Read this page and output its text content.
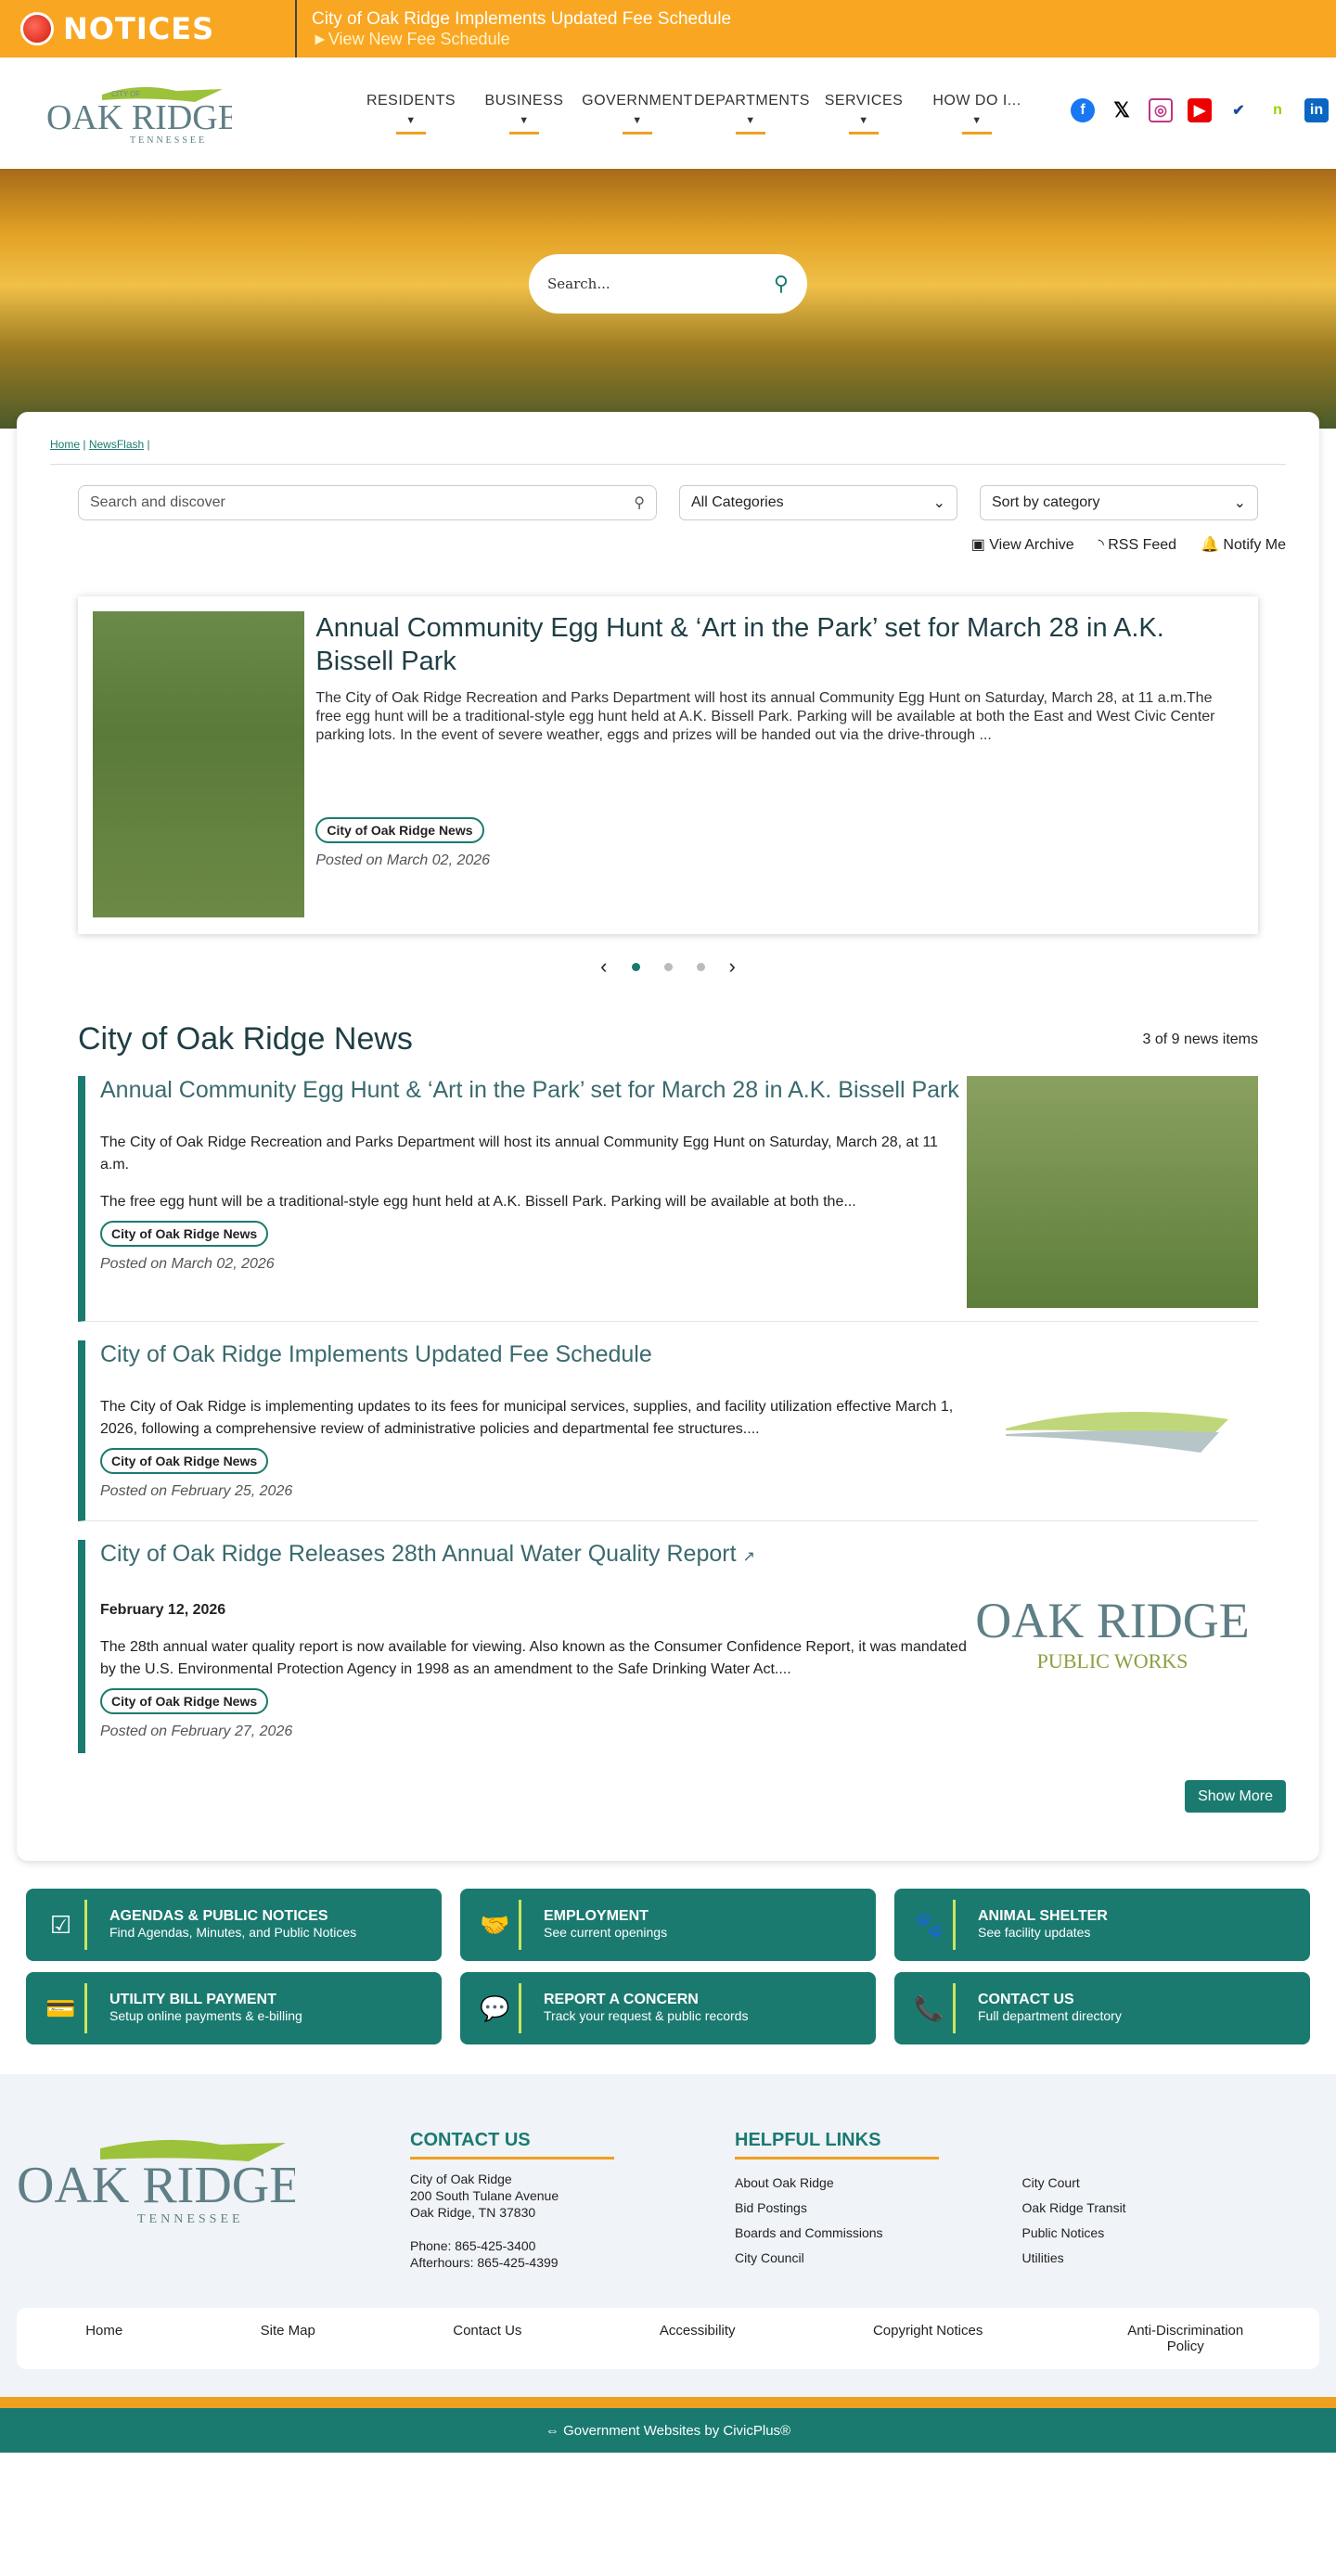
NOTICES	City of Oak Ridge Implements Updated Fee Schedule
►View New Fee Schedule
CITY OF
OAK RIDGE
TENNESSEE
RESIDENTS
▼
BUSINESS
▼
GOVERNMENT
▼
DEPARTMENTS
▼
SERVICES
▼
HOW DO I...
▼
f	𝕏	◎	▶	✔	n	in
Search...	⚲
Home | NewsFlash |
Search and discover	⚲	All Categories	⌄	Sort by category	⌄
▣ View Archive ◝ RSS Feed 🔔 Notify Me
Annual Community Egg Hunt & ‘Art in the Park’ set for March 28 in A.K. Bissell Park

The City of Oak Ridge Recreation and Parks Department will host its annual Community Egg Hunt on Saturday, March 28, at 11 a.m.The free egg hunt will be a traditional-style egg hunt held at A.K. Bissell Park. Parking will be available at both the East and West Civic Center parking lots. In the event of severe weather, eggs and prizes will be handed out via the drive-through ...

City of Oak Ridge News
Posted on March 02, 2026
‹	›
City of Oak Ridge News	3 of 9 news items
Annual Community Egg Hunt & ‘Art in the Park’ set for March 28 in A.K. Bissell Park

The City of Oak Ridge Recreation and Parks Department will host its annual Community Egg Hunt on Saturday, March 28, at 11 a.m.

The free egg hunt will be a traditional-style egg hunt held at A.K. Bissell Park. Parking will be available at both the...

City of Oak Ridge News
Posted on March 02, 2026
City of Oak Ridge Implements Updated Fee Schedule

The City of Oak Ridge is implementing updates to its fees for municipal services, supplies, and facility utilization effective March 1, 2026, following a comprehensive review of administrative policies and departmental fee structures....

City of Oak Ridge News
Posted on February 25, 2026
City of Oak Ridge Releases 28th Annual Water Quality Report ↗

February 12, 2026

The 28th annual water quality report is now available for viewing. Also known as the Consumer Confidence Report, it was mandated by the U.S. Environmental Protection Agency in 1998 as an amendment to the Safe Drinking Water Act....

City of Oak Ridge News
Posted on February 27, 2026
OAK RIDGE
PUBLIC WORKS
Show More
☑	AGENDAS & PUBLIC NOTICES
Find Agendas, Minutes, and Public Notices	🤝	EMPLOYMENT
See current openings	🐾	ANIMAL SHELTER
See facility updates
💳	UTILITY BILL PAYMENT
Setup online payments & e-billing	💬	REPORT A CONCERN
Track your request & public records	📞	CONTACT US
Full department directory
OAK RIDGE
TENNESSEE
CONTACT US
City of Oak Ridge
200 South Tulane Avenue
Oak Ridge, TN 37830

Phone: 865-425-3400
Afterhours: 865-425-4399
HELPFUL LINKS
About Oak Ridge
Bid Postings
Boards and Commissions
City Council
City Court
Oak Ridge Transit
Public Notices
Utilities
Home	Site Map	Contact Us	Accessibility	Copyright Notices	Anti-Discrimination Policy
⇔ Government Websites by CivicPlus®
